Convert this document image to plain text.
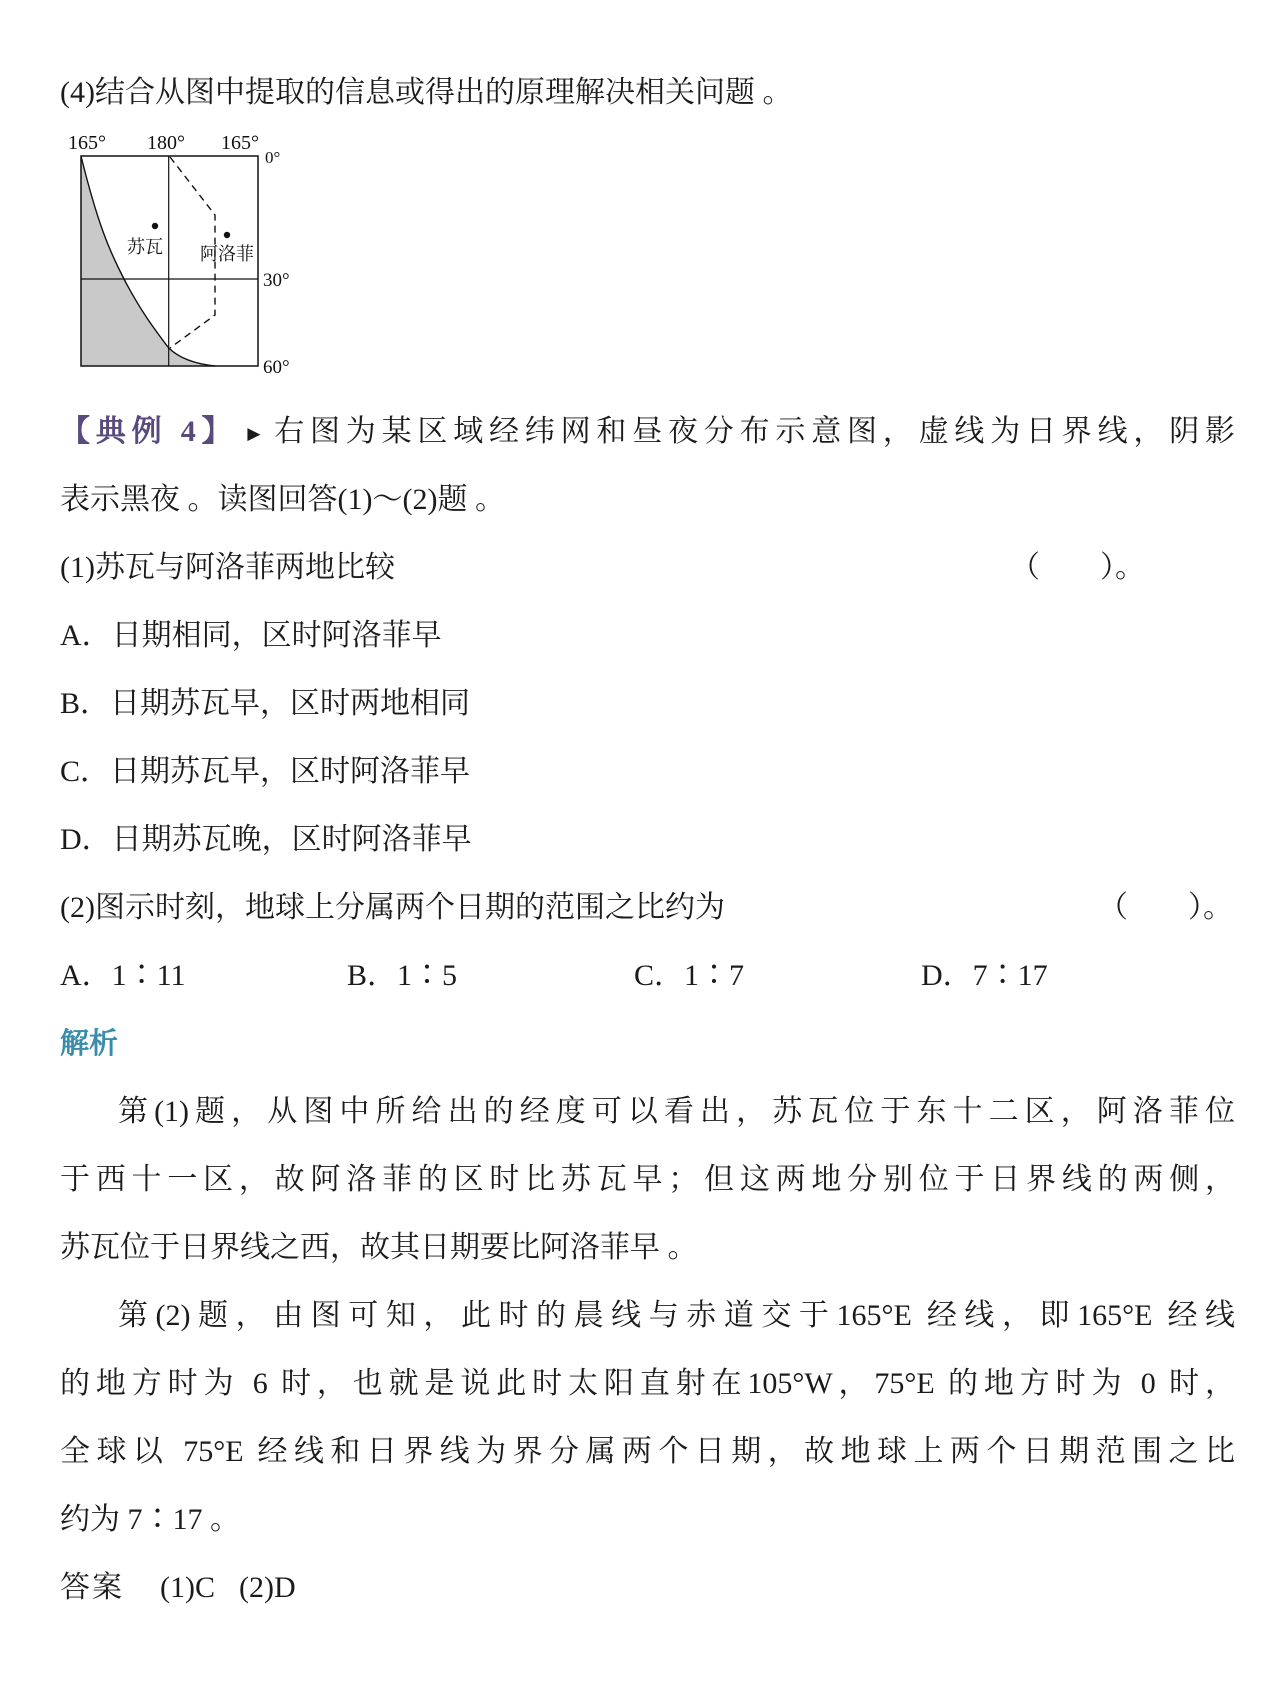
(4)结合从图中提取的信息或得出的原理解决相关问题 。
165° 180° 165°
0°
30°
60°
苏瓦 阿洛菲
【典例 4】 ▶ 右图为某区域经纬网和昼夜分布示意图，虚线为日界线，阴影
表示黑夜 。读图回答(1)～(2)题 。
(1)苏瓦与阿洛菲两地比较	（　　）。
A．日期相同，区时阿洛菲早
B．日期苏瓦早，区时两地相同
C．日期苏瓦早，区时阿洛菲早
D．日期苏瓦晚，区时阿洛菲早
(2)图示时刻，地球上分属两个日期的范围之比约为	（　　）。
A．1∶11	B．1∶5	C．1∶7	D．7∶17
解析
第(1)题，从图中所给出的经度可以看出，苏瓦位于东十二区，阿洛菲位
于西十一区，故阿洛菲的区时比苏瓦早；但这两地分别位于日界线的两侧，
苏瓦位于日界线之西，故其日期要比阿洛菲早 。
第(2)题，由图可知，此时的晨线与赤道交于165°E 经线，即165°E 经线
的地方时为 6 时，也就是说此时太阳直射在105°W，75°E 的地方时为 0 时，
全球以 75°E 经线和日界线为界分属两个日期，故地球上两个日期范围之比
约为 7∶17 。
答案 (1)C (2)D
